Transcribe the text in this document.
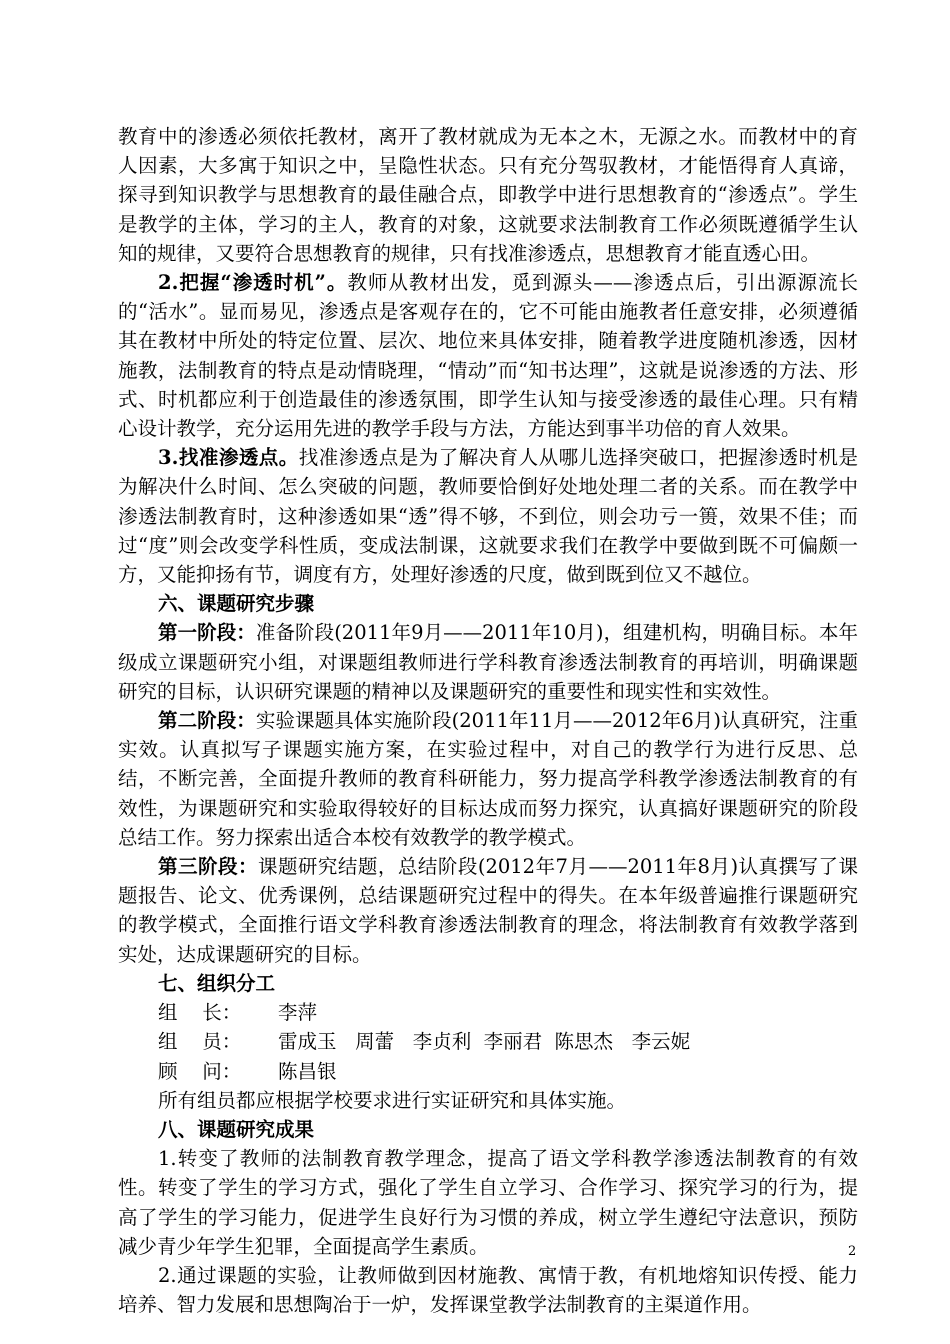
教育中的渗透必须依托教材，离开了教材就成为无本之木，无源之水。而教材中的育人因素，大多寓于知识之中，呈隐性状态。只有充分驾驭教材，才能悟得育人真谛，探寻到知识教学与思想教育的最佳融合点，即教学中进行思想教育的“渗透点”。学生是教学的主体，学习的主人，教育的对象，这就要求法制教育工作必须既遵循学生认知的规律，又要符合思想教育的规律，只有找准渗透点，思想教育才能直透心田。

2.把握“渗透时机”。教师从教材出发，觅到源头——渗透点后，引出源源流长的“活水”。显而易见，渗透点是客观存在的，它不可能由施教者任意安排，必须遵循其在教材中所处的特定位置、层次、地位来具体安排，随着教学进度随机渗透，因材施教，法制教育的特点是动情晓理，“情动”而“知书达理”，这就是说渗透的方法、形式、时机都应利于创造最佳的渗透氛围，即学生认知与接受渗透的最佳心理。只有精心设计教学，充分运用先进的教学手段与方法，方能达到事半功倍的育人效果。

3.找准渗透点。找准渗透点是为了解决育人从哪儿选择突破口，把握渗透时机是为解决什么时间、怎么突破的问题，教师要恰倒好处地处理二者的关系。而在教学中渗透法制教育时，这种渗透如果“透”得不够，不到位，则会功亏一篑，效果不佳；而过“度”则会改变学科性质，变成法制课，这就要求我们在教学中要做到既不可偏颇一方，又能抑扬有节，调度有方，处理好渗透的尺度，做到既到位又不越位。

六、课题研究步骤

第一阶段：准备阶段(2011年9月——2011年10月)，组建机构，明确目标。本年级成立课题研究小组，对课题组教师进行学科教育渗透法制教育的再培训，明确课题研究的目标，认识研究课题的精神以及课题研究的重要性和现实性和实效性。

第二阶段：实验课题具体实施阶段(2011年11月——2012年6月)认真研究，注重实效。认真拟写子课题实施方案，在实验过程中，对自己的教学行为进行反思、总结，不断完善，全面提升教师的教育科研能力，努力提高学科教学渗透法制教育的有效性，为课题研究和实验取得较好的目标达成而努力探究，认真搞好课题研究的阶段总结工作。努力探索出适合本校有效教学的教学模式。

第三阶段：课题研究结题，总结阶段(2012年7月——2011年8月)认真撰写了课题报告、论文、优秀课例，总结课题研究过程中的得失。在本年级普遍推行课题研究的教学模式，全面推行语文学科教育渗透法制教育的理念，将法制教育有效教学落到实处，达成课题研究的目标。

七、组织分工

组    长： 李萍

组    员： 雷成玉   周蕾   李贞利  李丽君  陈思杰   李云妮

顾    问： 陈昌银

所有组员都应根据学校要求进行实证研究和具体实施。

八、课题研究成果

1.转变了教师的法制教育教学理念，提高了语文学科教学渗透法制教育的有效性。转变了学生的学习方式，强化了学生自立学习、合作学习、探究学习的行为，提高了学生的学习能力，促进学生良好行为习惯的养成，树立学生遵纪守法意识，预防减少青少年学生犯罪，全面提高学生素质。

2.通过课题的实验，让教师做到因材施教、寓情于教，有机地熔知识传授、能力培养、智力发展和思想陶冶于一炉，发挥课堂教学法制教育的主渠道作用。

2
